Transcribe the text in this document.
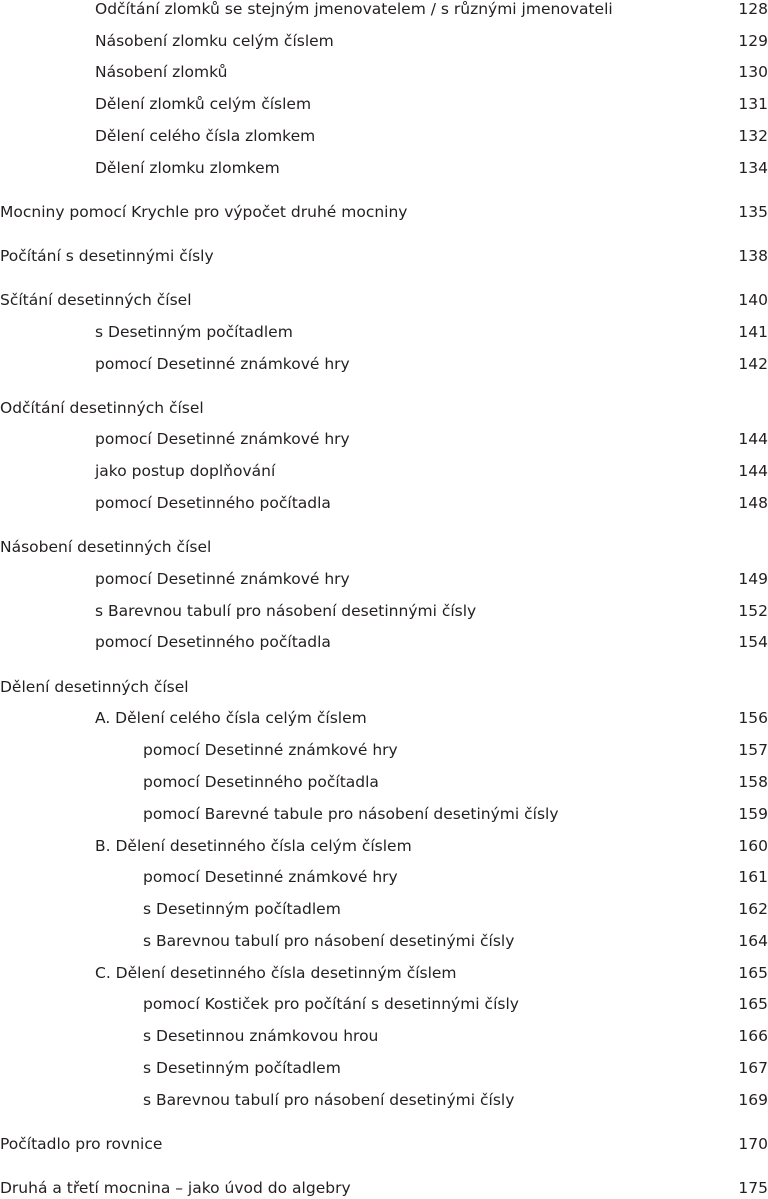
Odčítání zlomků se stejným jmenovatelem / s různými jmenovateli	128
Násobení zlomku celým číslem	129
Násobení zlomků	130
Dělení zlomků celým číslem	131
Dělení celého čísla zlomkem	132
Dělení zlomku zlomkem	134
Mocniny pomocí Krychle pro výpočet druhé mocniny	135
Počítání s desetinnými čísly	138
Sčítání desetinných čísel	140
s Desetinným počítadlem	141
pomocí Desetinné známkové hry	142
Odčítání desetinných čísel
pomocí Desetinné známkové hry	144
jako postup doplňování	144
pomocí Desetinného počítadla	148
Násobení desetinných čísel
pomocí Desetinné známkové hry	149
s Barevnou tabulí pro násobení desetinnými čísly	152
pomocí Desetinného počítadla	154
Dělení desetinných čísel
A. Dělení celého čísla celým číslem	156
pomocí Desetinné známkové hry	157
pomocí Desetinného počítadla	158
pomocí Barevné tabule pro násobení desetinými čísly	159
B. Dělení desetinného čísla celým číslem	160
pomocí Desetinné známkové hry	161
s Desetinným počítadlem	162
s Barevnou tabulí pro násobení desetinými čísly	164
C. Dělení desetinného čísla desetinným číslem	165
pomocí Kostiček pro počítání s desetinnými čísly	165
s Desetinnou známkovou hrou	166
s Desetinným počítadlem	167
s Barevnou tabulí pro násobení desetinými čísly	169
Počítadlo pro rovnice	170
Druhá a třetí mocnina – jako úvod do algebry	175
